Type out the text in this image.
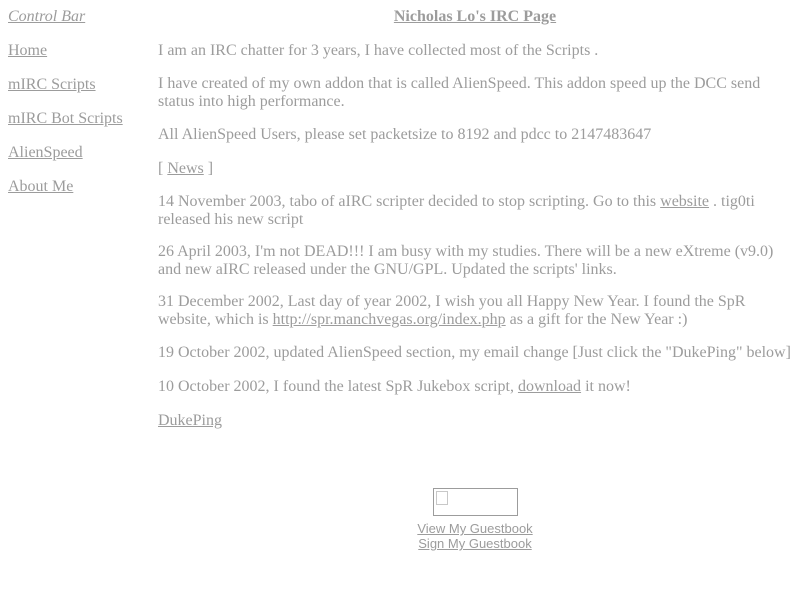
Control Bar
Home
mIRC Scripts
mIRC Bot Scripts
AlienSpeed
About Me
Nicholas Lo's IRC Page

I am an IRC chatter for 3 years, I have collected most of the Scripts .

I have created of my own addon that is called AlienSpeed. This addon speed up the DCC send status into high performance.

All AlienSpeed Users, please set packetsize to 8192 and pdcc to 2147483647

[ News ]

14 November 2003, tabo of aIRC scripter decided to stop scripting. Go to this website . tig0ti released his new script

26 April 2003, I'm not DEAD!!! I am busy with my studies. There will be a new eXtreme (v9.0) and new aIRC released under the GNU/GPL. Updated the scripts' links.

31 December 2002, Last day of year 2002, I wish you all Happy New Year. I found the SpR website, which is http://spr.manchvegas.org/index.php as a gift for the New Year :)

19 October 2002, updated AlienSpeed section, my email change [Just click the "DukePing" below]

10 October 2002, I found the latest SpR Jukebox script, download it now!

DukePing

View My Guestbook
Sign My Guestbook
